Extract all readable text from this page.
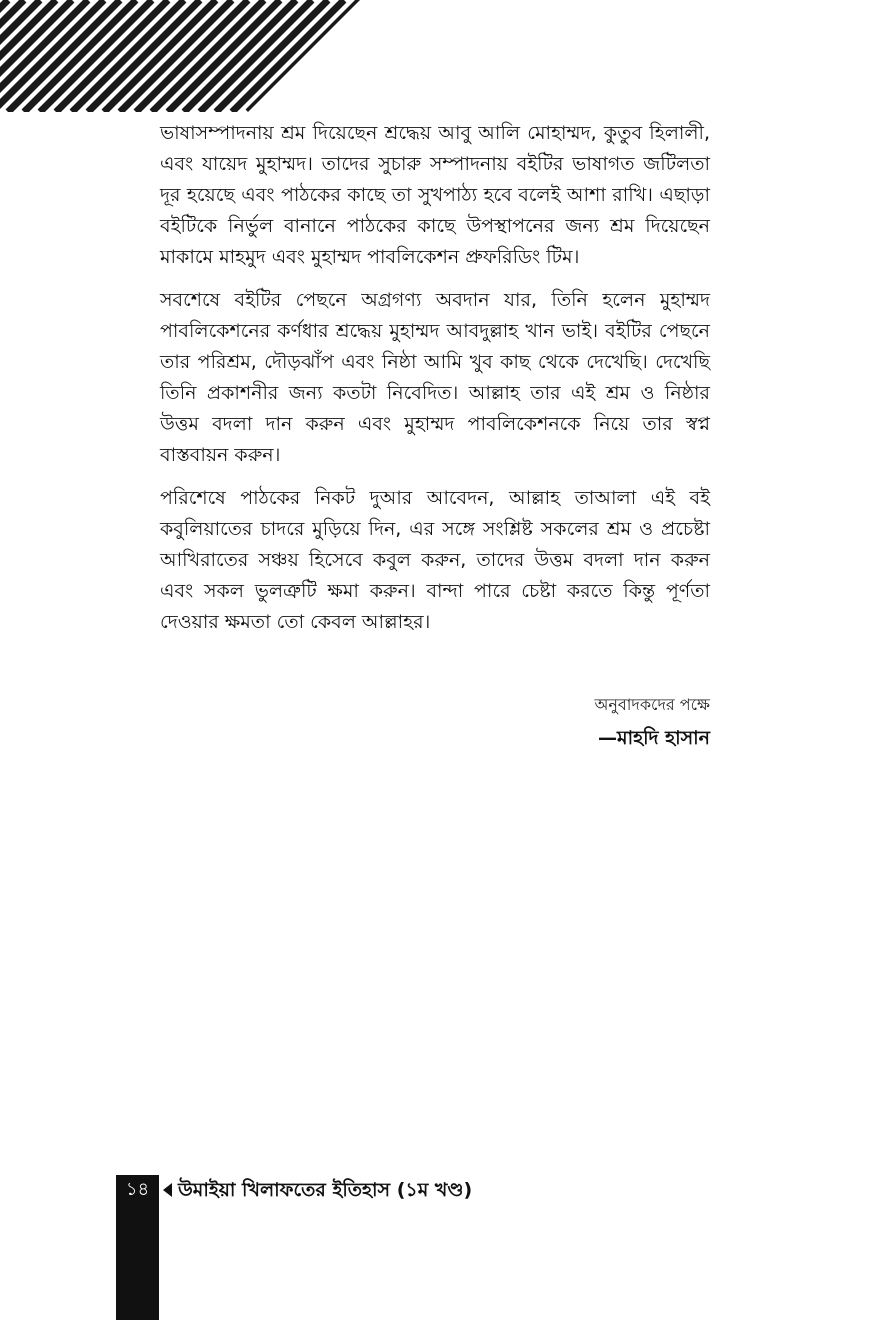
ভাষাসম্পাদনায় শ্রম দিয়েছেন শ্রদ্ধেয় আবু আলি মোহাম্মদ, কুতুব হিলালী, এবং যায়েদ মুহাম্মদ। তাদের সুচারু সম্পাদনায় বইটির ভাষাগত জটিলতা দূর হয়েছে এবং পাঠকের কাছে তা সুখপাঠ্য হবে বলেই আশা রাখি। এছাড়া বইটিকে নির্ভুল বানানে পাঠকের কাছে উপস্থাপনের জন্য শ্রম দিয়েছেন মাকামে মাহমুদ এবং মুহাম্মদ পাবলিকেশন প্রুফরিডিং টিম।

সবশেষে বইটির পেছনে অগ্রগণ্য অবদান যার, তিনি হলেন মুহাম্মদ পাবলিকেশনের কর্ণধার শ্রদ্ধেয় মুহাম্মদ আবদুল্লাহ খান ভাই। বইটির পেছনে তার পরিশ্রম, দৌড়ঝাঁপ এবং নিষ্ঠা আমি খুব কাছ থেকে দেখেছি। দেখেছি তিনি প্রকাশনীর জন্য কতটা নিবেদিত। আল্লাহ তার এই শ্রম ও নিষ্ঠার উত্তম বদলা দান করুন এবং মুহাম্মদ পাবলিকেশনকে নিয়ে তার স্বপ্ন বাস্তবায়ন করুন।

পরিশেষে পাঠকের নিকট দুআর আবেদন, আল্লাহ তাআলা এই বই কবুলিয়াতের চাদরে মুড়িয়ে দিন, এর সঙ্গে সংশ্লিষ্ট সকলের শ্রম ও প্রচেষ্টা আখিরাতের সঞ্চয় হিসেবে কবুল করুন, তাদের উত্তম বদলা দান করুন এবং সকল ভুলত্রুটি ক্ষমা করুন। বান্দা পারে চেষ্টা করতে কিন্তু পূর্ণতা দেওয়ার ক্ষমতা তো কেবল আল্লাহর।

অনুবাদকদের পক্ষে
—মাহদি হাসান
১৪	উমাইয়া খিলাফতের ইতিহাস (১ম খণ্ড)
